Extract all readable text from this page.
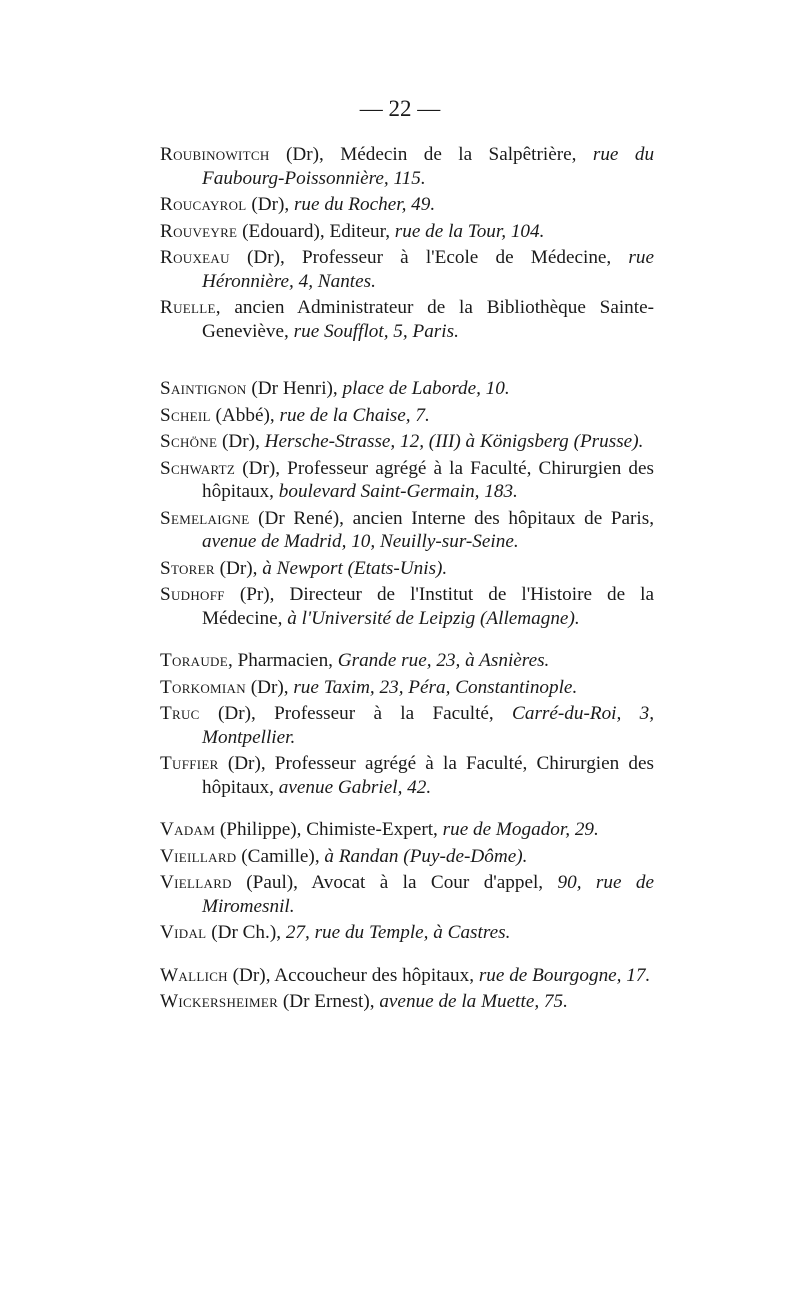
— 22 —

Roubinowitch (Dr), Médecin de la Salpêtrière, rue du Faubourg-Poissonnière, 115.

Roucayrol (Dr), rue du Rocher, 49.

Rouveyre (Edouard), Editeur, rue de la Tour, 104.

Rouxeau (Dr), Professeur à l'Ecole de Médecine, rue Héronnière, 4, Nantes.

Ruelle, ancien Administrateur de la Bibliothèque Sainte-Geneviève, rue Soufflot, 5, Paris.

Saintignon (Dr Henri), place de Laborde, 10.

Scheil (Abbé), rue de la Chaise, 7.

Schöne (Dr), Hersche-Strasse, 12, (III) à Königsberg (Prusse).

Schwartz (Dr), Professeur agrégé à la Faculté, Chirurgien des hôpitaux, boulevard Saint-Germain, 183.

Semelaigne (Dr René), ancien Interne des hôpitaux de Paris, avenue de Madrid, 10, Neuilly-sur-Seine.

Storer (Dr), à Newport (Etats-Unis).

Sudhoff (Pr), Directeur de l'Institut de l'Histoire de la Médecine, à l'Université de Leipzig (Allemagne).

Toraude, Pharmacien, Grande rue, 23, à Asnières.

Torkomian (Dr), rue Taxim, 23, Péra, Constantinople.

Truc (Dr), Professeur à la Faculté, Carré-du-Roi, 3, Montpellier.

Tuffier (Dr), Professeur agrégé à la Faculté, Chirurgien des hôpitaux, avenue Gabriel, 42.

Vadam (Philippe), Chimiste-Expert, rue de Mogador, 29.

Vieillard (Camille), à Randan (Puy-de-Dôme).

Viellard (Paul), Avocat à la Cour d'appel, 90, rue de Miromesnil.

Vidal (Dr Ch.), 27, rue du Temple, à Castres.

Wallich (Dr), Accoucheur des hôpitaux, rue de Bourgogne, 17.

Wickersheimer (Dr Ernest), avenue de la Muette, 75.
